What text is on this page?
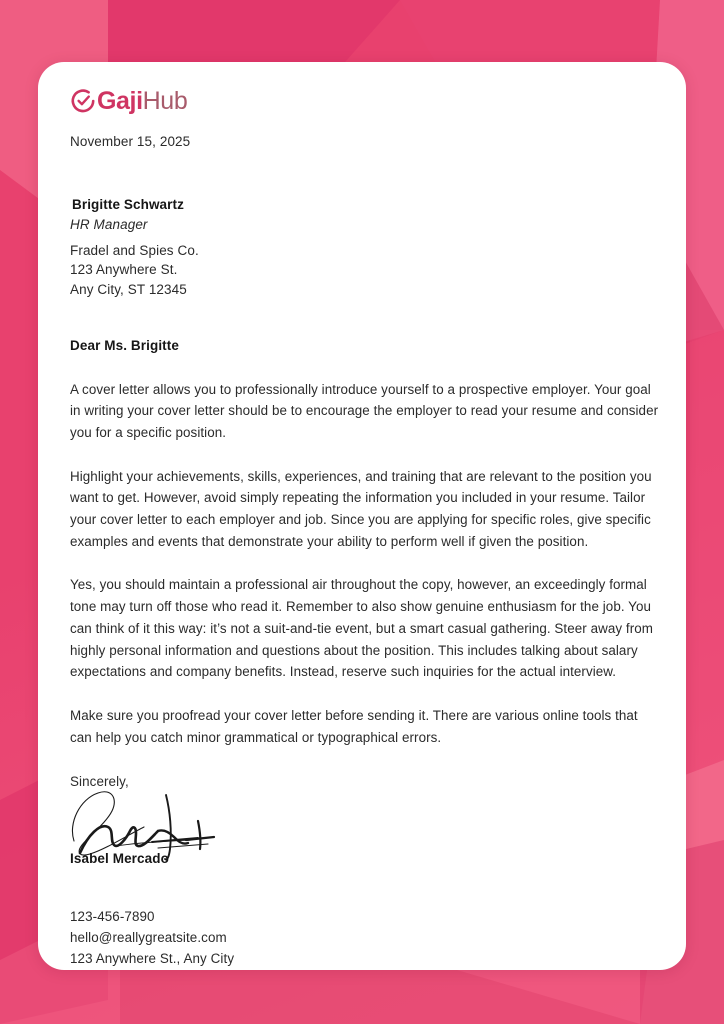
Gaji Hub
November 15, 2025
Brigitte Schwartz
HR Manager
Fradel and Spies Co.
123 Anywhere St.
Any City, ST 12345
Dear Ms. Brigitte

A cover letter allows you to professionally introduce yourself to a prospective employer. Your goal in writing your cover letter should be to encourage the employer to read your resume and consider you for a specific position.

Highlight your achievements, skills, experiences, and training that are relevant to the position you want to get. However, avoid simply repeating the information you included in your resume. Tailor your cover letter to each employer and job. Since you are applying for specific roles, give specific examples and events that demonstrate your ability to perform well if given the position.

Yes, you should maintain a professional air throughout the copy, however, an exceedingly formal tone may turn off those who read it. Remember to also show genuine enthusiasm for the job. You can think of it this way: it’s not a suit-and-tie event, but a smart casual gathering. Steer away from highly personal information and questions about the position. This includes talking about salary expectations and company benefits. Instead, reserve such inquiries for the actual interview.

Make sure you proofread your cover letter before sending it. There are various online tools that can help you catch minor grammatical or typographical errors.

Sincerely,
Isabel Mercado
123-456-7890
hello@reallygreatsite.com
123 Anywhere St., Any City
